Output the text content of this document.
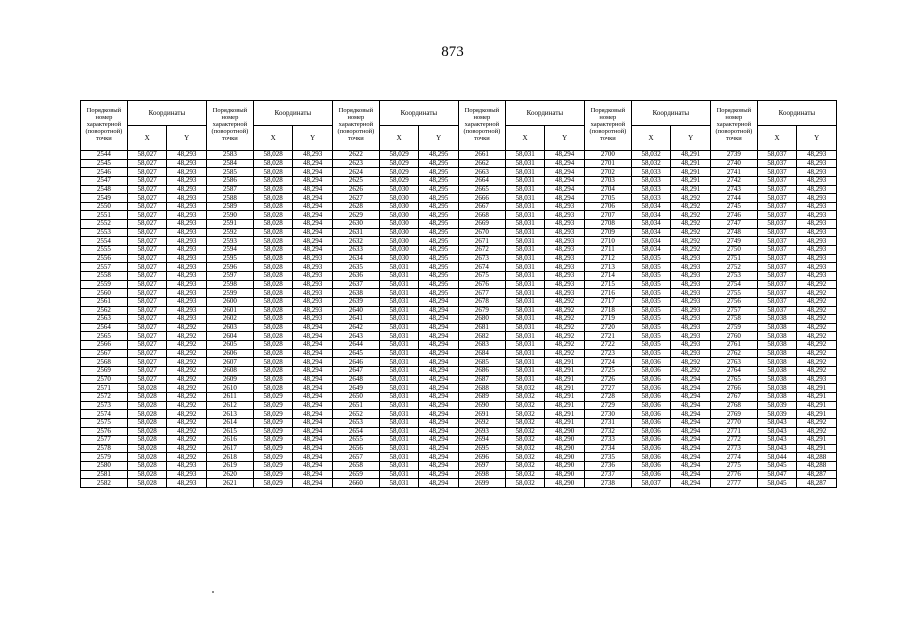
873
Порядковый номер характерной (поворотной) точки	Координаты		Порядковый номер характерной (поворотной) точки	Координаты		Порядковый номер характерной (поворотной) точки	Координаты		Порядковый номер характерной (поворотной) точки	Координаты		Порядковый номер характерной (поворотной) точки	Координаты		Порядковый номер характерной (поворотной) точки	Координаты	
	X	Y		X	Y		X	Y		X	Y		X	Y		X	Y
2544	58,027	48,293	2583	58,028	48,293	2622	58,029	48,295	2661	58,031	48,294	2700	58,032	48,291	2739	58,037	48,293
2545	58,027	48,293	2584	58,028	48,294	2623	58,029	48,295	2662	58,031	48,294	2701	58,032	48,291	2740	58,037	48,293
2546	58,027	48,293	2585	58,028	48,294	2624	58,029	48,295	2663	58,031	48,294	2702	58,033	48,291	2741	58,037	48,293
2547	58,027	48,293	2586	58,028	48,294	2625	58,029	48,295	2664	58,031	48,294	2703	58,033	48,291	2742	58,037	48,293
2548	58,027	48,293	2587	58,028	48,294	2626	58,030	48,295	2665	58,031	48,294	2704	58,033	48,291	2743	58,037	48,293
2549	58,027	48,293	2588	58,028	48,294	2627	58,030	48,295	2666	58,031	48,294	2705	58,033	48,292	2744	58,037	48,293
2550	58,027	48,293	2589	58,028	48,294	2628	58,030	48,295	2667	58,031	48,293	2706	58,034	48,292	2745	58,037	48,293
2551	58,027	48,293	2590	58,028	48,294	2629	58,030	48,295	2668	58,031	48,293	2707	58,034	48,292	2746	58,037	48,293
2552	58,027	48,293	2591	58,028	48,294	2630	58,030	48,295	2669	58,031	48,293	2708	58,034	48,292	2747	58,037	48,293
2553	58,027	48,293	2592	58,028	48,294	2631	58,030	48,295	2670	58,031	48,293	2709	58,034	48,292	2748	58,037	48,293
2554	58,027	48,293	2593	58,028	48,294	2632	58,030	48,295	2671	58,031	48,293	2710	58,034	48,292	2749	58,037	48,293
2555	58,027	48,293	2594	58,028	48,294	2633	58,030	48,295	2672	58,031	48,293	2711	58,034	48,292	2750	58,037	48,293
2556	58,027	48,293	2595	58,028	48,293	2634	58,030	48,295	2673	58,031	48,293	2712	58,035	48,293	2751	58,037	48,293
2557	58,027	48,293	2596	58,028	48,293	2635	58,031	48,295	2674	58,031	48,293	2713	58,035	48,293	2752	58,037	48,293
2558	58,027	48,293	2597	58,028	48,293	2636	58,031	48,295	2675	58,031	48,293	2714	58,035	48,293	2753	58,037	48,293
2559	58,027	48,293	2598	58,028	48,293	2637	58,031	48,295	2676	58,031	48,293	2715	58,035	48,293	2754	58,037	48,292
2560	58,027	48,293	2599	58,028	48,293	2638	58,031	48,295	2677	58,031	48,293	2716	58,035	48,293	2755	58,037	48,292
2561	58,027	48,293	2600	58,028	48,293	2639	58,031	48,294	2678	58,031	48,292	2717	58,035	48,293	2756	58,037	48,292
2562	58,027	48,293	2601	58,028	48,293	2640	58,031	48,294	2679	58,031	48,292	2718	58,035	48,293	2757	58,037	48,292
2563	58,027	48,293	2602	58,028	48,293	2641	58,031	48,294	2680	58,031	48,292	2719	58,035	48,293	2758	58,038	48,292
2564	58,027	48,292	2603	58,028	48,294	2642	58,031	48,294	2681	58,031	48,292	2720	58,035	48,293	2759	58,038	48,292
2565	58,027	48,292	2604	58,028	48,294	2643	58,031	48,294	2682	58,031	48,292	2721	58,035	48,293	2760	58,038	48,292
2566	58,027	48,292	2605	58,028	48,294	2644	58,031	48,294	2683	58,031	48,292	2722	58,035	48,293	2761	58,038	48,292
2567	58,027	48,292	2606	58,028	48,294	2645	58,031	48,294	2684	58,031	48,292	2723	58,035	48,293	2762	58,038	48,292
2568	58,027	48,292	2607	58,028	48,294	2646	58,031	48,294	2685	58,031	48,291	2724	58,036	48,292	2763	58,038	48,292
2569	58,027	48,292	2608	58,028	48,294	2647	58,031	48,294	2686	58,031	48,291	2725	58,036	48,292	2764	58,038	48,292
2570	58,027	48,292	2609	58,028	48,294	2648	58,031	48,294	2687	58,031	48,291	2726	58,036	48,294	2765	58,038	48,293
2571	58,028	48,292	2610	58,028	48,294	2649	58,031	48,294	2688	58,032	48,291	2727	58,036	48,294	2766	58,038	48,291
2572	58,028	48,292	2611	58,029	48,294	2650	58,031	48,294	2689	58,032	48,291	2728	58,036	48,294	2767	58,038	48,291
2573	58,028	48,292	2612	58,029	48,294	2651	58,031	48,294	2690	58,032	48,291	2729	58,036	48,294	2768	58,039	48,291
2574	58,028	48,292	2613	58,029	48,294	2652	58,031	48,294	2691	58,032	48,291	2730	58,036	48,294	2769	58,039	48,291
2575	58,028	48,292	2614	58,029	48,294	2653	58,031	48,294	2692	58,032	48,291	2731	58,036	48,294	2770	58,043	48,292
2576	58,028	48,292	2615	58,029	48,294	2654	58,031	48,294	2693	58,032	48,290	2732	58,036	48,294	2771	58,043	48,292
2577	58,028	48,292	2616	58,029	48,294	2655	58,031	48,294	2694	58,032	48,290	2733	58,036	48,294	2772	58,043	48,291
2578	58,028	48,292	2617	58,029	48,294	2656	58,031	48,294	2695	58,032	48,290	2734	58,036	48,294	2773	58,043	48,291
2579	58,028	48,292	2618	58,029	48,294	2657	58,031	48,294	2696	58,032	48,290	2735	58,036	48,294	2774	58,044	48,288
2580	58,028	48,293	2619	58,029	48,294	2658	58,031	48,294	2697	58,032	48,290	2736	58,036	48,294	2775	58,045	48,288
2581	58,028	48,293	2620	58,029	48,294	2659	58,031	48,294	2698	58,032	48,290	2737	58,036	48,294	2776	58,047	48,287
2582	58,028	48,293	2621	58,029	48,294	2660	58,031	48,294	2699	58,032	48,290	2738	58,037	48,294	2777	58,045	48,287
